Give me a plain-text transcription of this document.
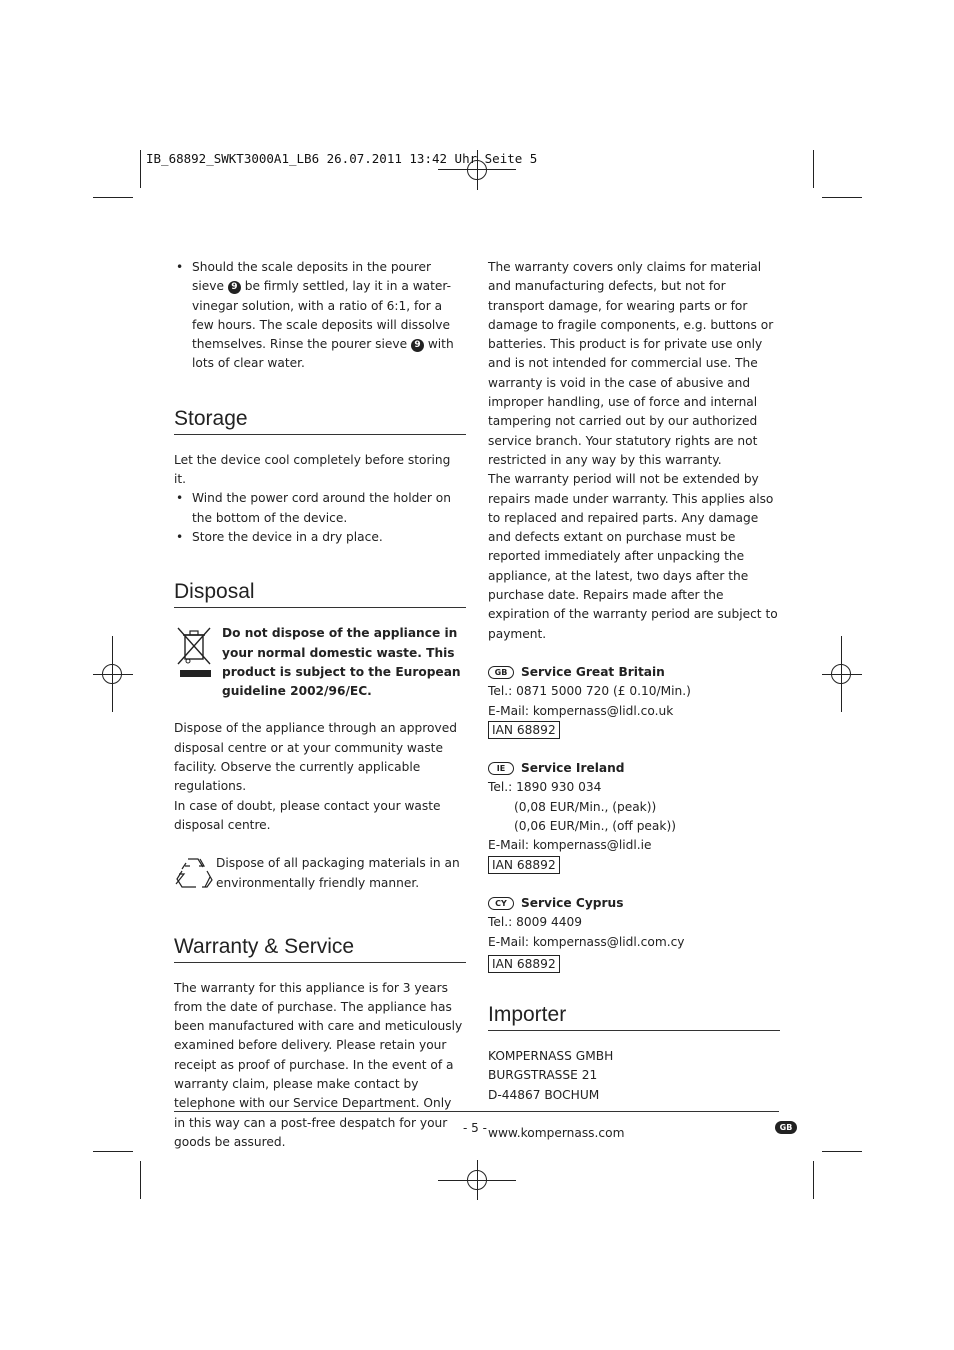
IB_68892_SWKT3000A1_LB6 26.07.2011 13:42 Uhr Seite 5

• Should the scale deposits in the pourer sieve 9 be firmly settled, lay it in a water-vinegar solution, with a ratio of 6:1, for a few hours. The scale deposits will dissolve themselves. Rinse the pourer sieve 9 with lots of clear water.

Storage

Let the device cool completely before storing it.

• Wind the power cord around the holder on the bottom of the device.

• Store the device in a dry place.

Disposal

Do not dispose of the appliance in your normal domestic waste. This product is subject to the European guideline 2002/96/EC.

Dispose of the appliance through an approved disposal centre or at your community waste facility. Observe the currently applicable regulations.

In case of doubt, please contact your waste disposal centre.

Dispose of all packaging materials in an environmentally friendly manner.

Warranty & Service

The warranty for this appliance is for 3 years from the date of purchase. The appliance has been manufactured with care and meticulously examined before delivery. Please retain your receipt as proof of purchase. In the event of a warranty claim, please make contact by telephone with our Service Department. Only in this way can a post-free despatch for your goods be assured.

The warranty covers only claims for material and manufacturing defects, but not for transport damage, for wearing parts or for damage to fragile components, e.g. buttons or batteries. This product is for private use only and is not intended for commercial use. The warranty is void in the case of abusive and improper handling, use of force and internal tampering not carried out by our authorized service branch. Your statutory rights are not restricted in any way by this warranty.

The warranty period will not be extended by repairs made under warranty. This applies also to replaced and repaired parts. Any damage and defects extant on purchase must be reported immediately after unpacking the appliance, at the latest, two days after the purchase date. Repairs made after the expiration of the warranty period are subject to payment.

GB Service Great Britain

Tel.: 0871 5000 720 (£ 0.10/Min.)

E-Mail: kompernass@lidl.co.uk

IAN 68892

IE Service Ireland

Tel.: 1890 930 034

(0,08 EUR/Min., (peak))

(0,06 EUR/Min., (off peak))

E-Mail: kompernass@lidl.ie

IAN 68892

CY Service Cyprus

Tel.: 8009 4409

E-Mail: kompernass@lidl.com.cy

IAN 68892

Importer

KOMPERNASS GMBH

BURGSTRASSE 21

D-44867 BOCHUM

www.kompernass.com

- 5 -	GB
